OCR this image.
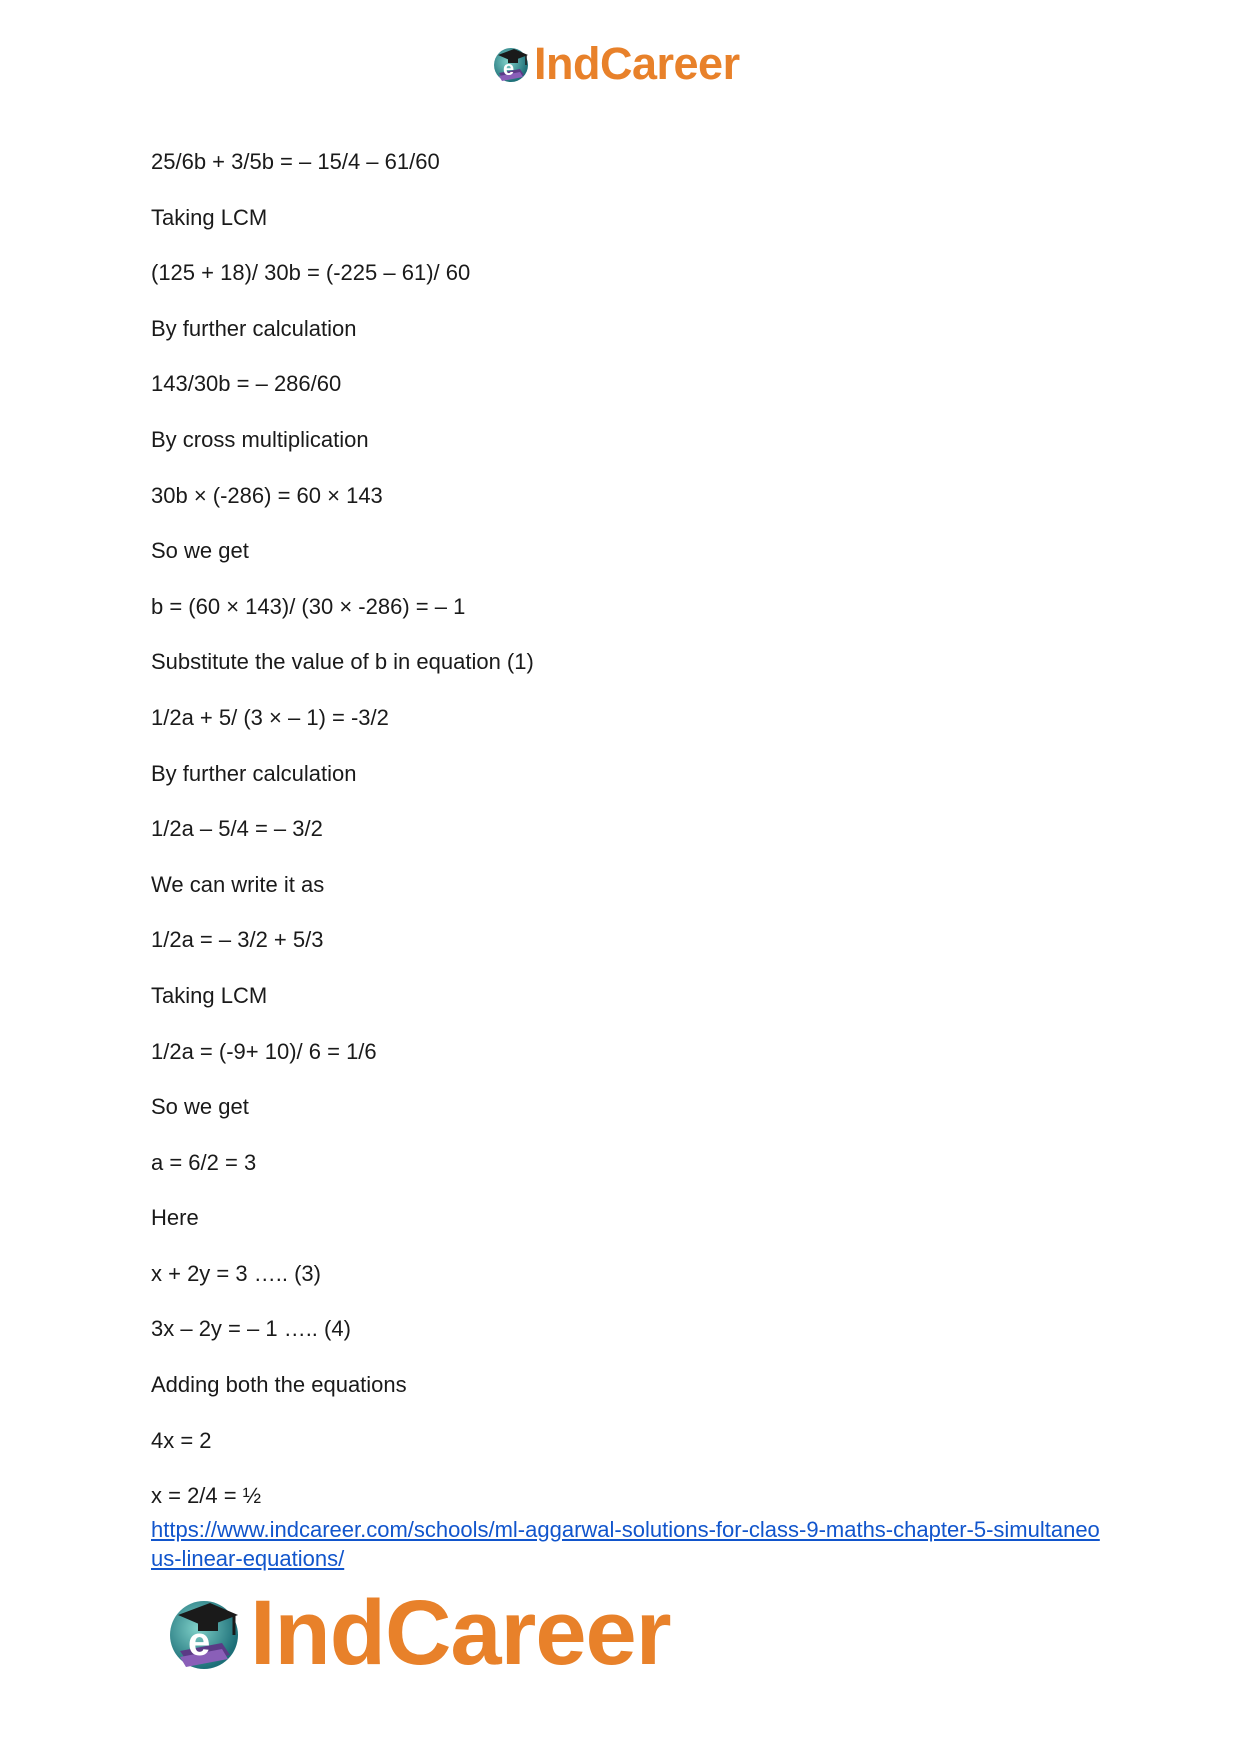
e IndCareer
25/6b + 3/5b = – 15/4 – 61/60
Taking LCM
(125 + 18)/ 30b = (-225 – 61)/ 60
By further calculation
143/30b = – 286/60
By cross multiplication
30b × (-286) = 60 × 143
So we get
b = (60 × 143)/ (30 × -286) = – 1
Substitute the value of b in equation (1)
1/2a + 5/ (3 × – 1) = -3/2
By further calculation
1/2a – 5/4 = – 3/2
We can write it as
1/2a = – 3/2 + 5/3
Taking LCM
1/2a = (-9+ 10)/ 6 = 1/6
So we get
a = 6/2 = 3
Here
x + 2y = 3 ….. (3)
3x – 2y = – 1 ….. (4)
Adding both the equations
4x = 2
x = 2/4 = ½
https://www.indcareer.com/schools/ml-aggarwal-solutions-for-class-9-maths-chapter-5-simultaneous-linear-equations/
e IndCareer
